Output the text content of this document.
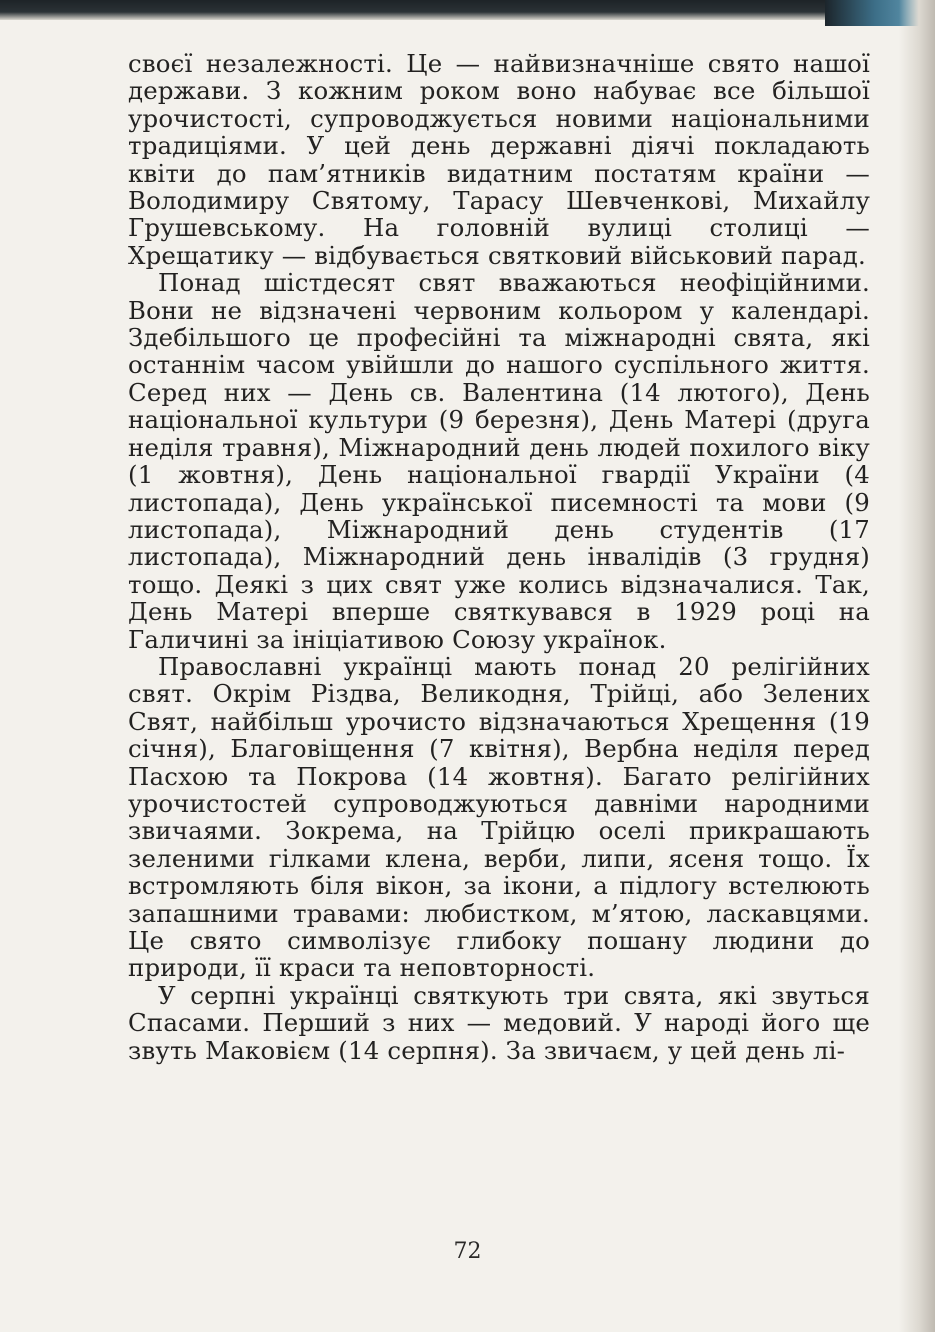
своєї незалежності. Це — найвизначніше свято нашої держави. З кожним роком воно набуває все більшої урочистості, супроводжується новими національними традиціями. У цей день державні діячі покладають квіти до пам’ятників видатним постатям країни — Володимиру Святому, Тарасу Шевченкові, Михайлу Грушевському. На головній вулиці столиці — Хрещатику — відбувається святковий військовий парад.

Понад шістдесят свят вважаються неофіційними. Вони не відзначені червоним кольором у календарі. Здебільшого це професійні та міжнародні свята, які останнім часом увійшли до нашого суспільного життя. Серед них — День св. Валентина (14 лютого), День національної культури (9 березня), День Матері (друга неділя травня), Міжнародний день людей похилого віку (1 жовтня), День національної гвардії України (4 листопада), День української писемності та мови (9 листопада), Міжнародний день студентів (17 листопада), Міжнародний день інвалідів (3 грудня) тощо. Деякі з цих свят уже колись відзначалися. Так, День Матері вперше святкувався в 1929 році на Галичині за ініціативою Союзу українок.

Православні українці мають понад 20 релігійних свят. Окрім Різдва, Великодня, Трійці, або Зелених Свят, найбільш урочисто відзначаються Хрещення (19 січня), Благовіщення (7 квітня), Вербна неділя перед Пасхою та Покрова (14 жовтня). Багато релігійних урочистостей супроводжуються давніми народними звичаями. Зокрема, на Трійцю оселі прикрашають зеленими гілками клена, верби, липи, ясеня тощо. Їх встромляють біля вікон, за ікони, а підлогу встелюють запашними травами: любистком, м’ятою, ласкавцями. Це свято символізує глибоку пошану людини до природи, її краси та неповторності.

У серпні українці святкують три свята, які звуться Спасами. Перший з них — медовий. У народі його ще звуть Маковієм (14 серпня). За звичаєм, у цей день лі-

72
